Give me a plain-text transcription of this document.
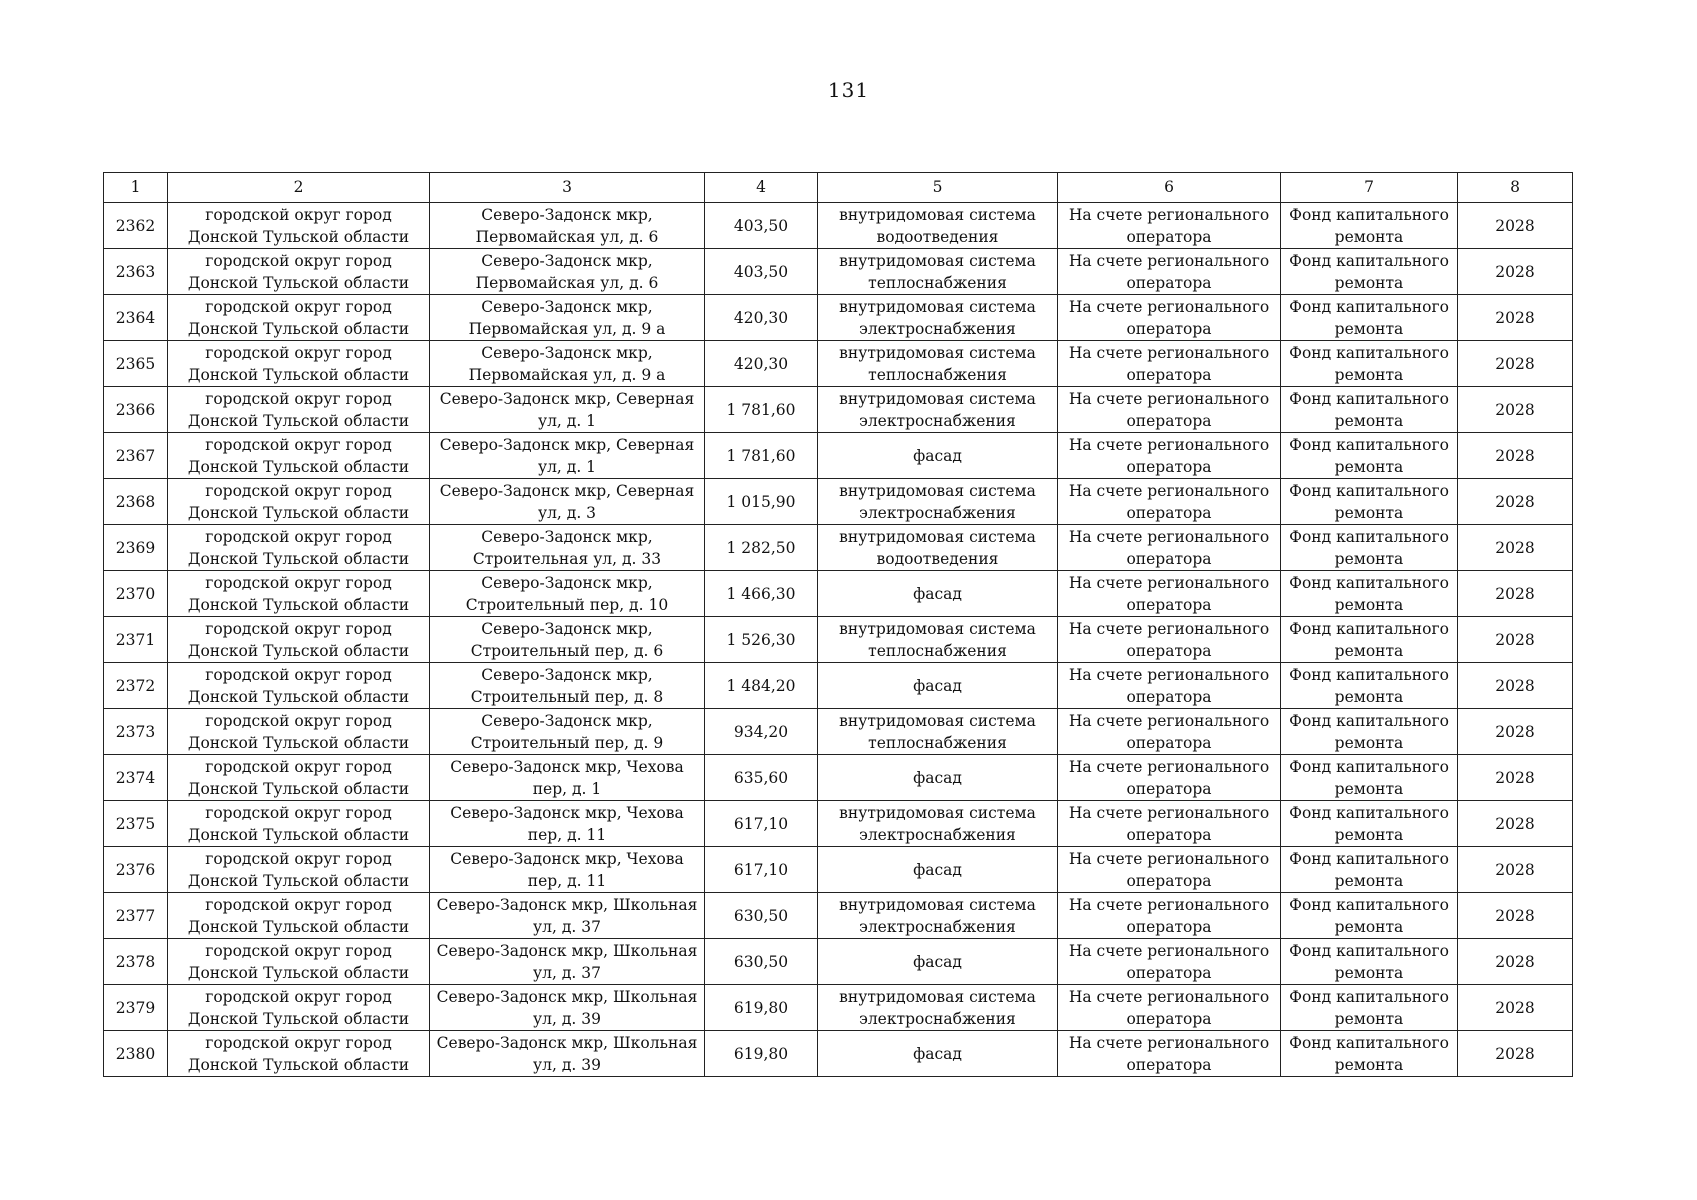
131
1	2	3	4	5	6	7	8
2362	городской округ город Донской Тульской области	Северо-Задонск мкр, Первомайская ул, д. 6	403,50	внутридомовая система водоотведения	На счете регионального оператора	Фонд капитального ремонта	2028
2363	городской округ город Донской Тульской области	Северо-Задонск мкр, Первомайская ул, д. 6	403,50	внутридомовая система теплоснабжения	На счете регионального оператора	Фонд капитального ремонта	2028
2364	городской округ город Донской Тульской области	Северо-Задонск мкр, Первомайская ул, д. 9 а	420,30	внутридомовая система электроснабжения	На счете регионального оператора	Фонд капитального ремонта	2028
2365	городской округ город Донской Тульской области	Северо-Задонск мкр, Первомайская ул, д. 9 а	420,30	внутридомовая система теплоснабжения	На счете регионального оператора	Фонд капитального ремонта	2028
2366	городской округ город Донской Тульской области	Северо-Задонск мкр, Северная ул, д. 1	1 781,60	внутридомовая система электроснабжения	На счете регионального оператора	Фонд капитального ремонта	2028
2367	городской округ город Донской Тульской области	Северо-Задонск мкр, Северная ул, д. 1	1 781,60	фасад	На счете регионального оператора	Фонд капитального ремонта	2028
2368	городской округ город Донской Тульской области	Северо-Задонск мкр, Северная ул, д. 3	1 015,90	внутридомовая система электроснабжения	На счете регионального оператора	Фонд капитального ремонта	2028
2369	городской округ город Донской Тульской области	Северо-Задонск мкр, Строительная ул, д. 33	1 282,50	внутридомовая система водоотведения	На счете регионального оператора	Фонд капитального ремонта	2028
2370	городской округ город Донской Тульской области	Северо-Задонск мкр, Строительный пер, д. 10	1 466,30	фасад	На счете регионального оператора	Фонд капитального ремонта	2028
2371	городской округ город Донской Тульской области	Северо-Задонск мкр, Строительный пер, д. 6	1 526,30	внутридомовая система теплоснабжения	На счете регионального оператора	Фонд капитального ремонта	2028
2372	городской округ город Донской Тульской области	Северо-Задонск мкр, Строительный пер, д. 8	1 484,20	фасад	На счете регионального оператора	Фонд капитального ремонта	2028
2373	городской округ город Донской Тульской области	Северо-Задонск мкр, Строительный пер, д. 9	934,20	внутридомовая система теплоснабжения	На счете регионального оператора	Фонд капитального ремонта	2028
2374	городской округ город Донской Тульской области	Северо-Задонск мкр, Чехова пер, д. 1	635,60	фасад	На счете регионального оператора	Фонд капитального ремонта	2028
2375	городской округ город Донской Тульской области	Северо-Задонск мкр, Чехова пер, д. 11	617,10	внутридомовая система электроснабжения	На счете регионального оператора	Фонд капитального ремонта	2028
2376	городской округ город Донской Тульской области	Северо-Задонск мкр, Чехова пер, д. 11	617,10	фасад	На счете регионального оператора	Фонд капитального ремонта	2028
2377	городской округ город Донской Тульской области	Северо-Задонск мкр, Школьная ул, д. 37	630,50	внутридомовая система электроснабжения	На счете регионального оператора	Фонд капитального ремонта	2028
2378	городской округ город Донской Тульской области	Северо-Задонск мкр, Школьная ул, д. 37	630,50	фасад	На счете регионального оператора	Фонд капитального ремонта	2028
2379	городской округ город Донской Тульской области	Северо-Задонск мкр, Школьная ул, д. 39	619,80	внутридомовая система электроснабжения	На счете регионального оператора	Фонд капитального ремонта	2028
2380	городской округ город Донской Тульской области	Северо-Задонск мкр, Школьная ул, д. 39	619,80	фасад	На счете регионального оператора	Фонд капитального ремонта	2028
